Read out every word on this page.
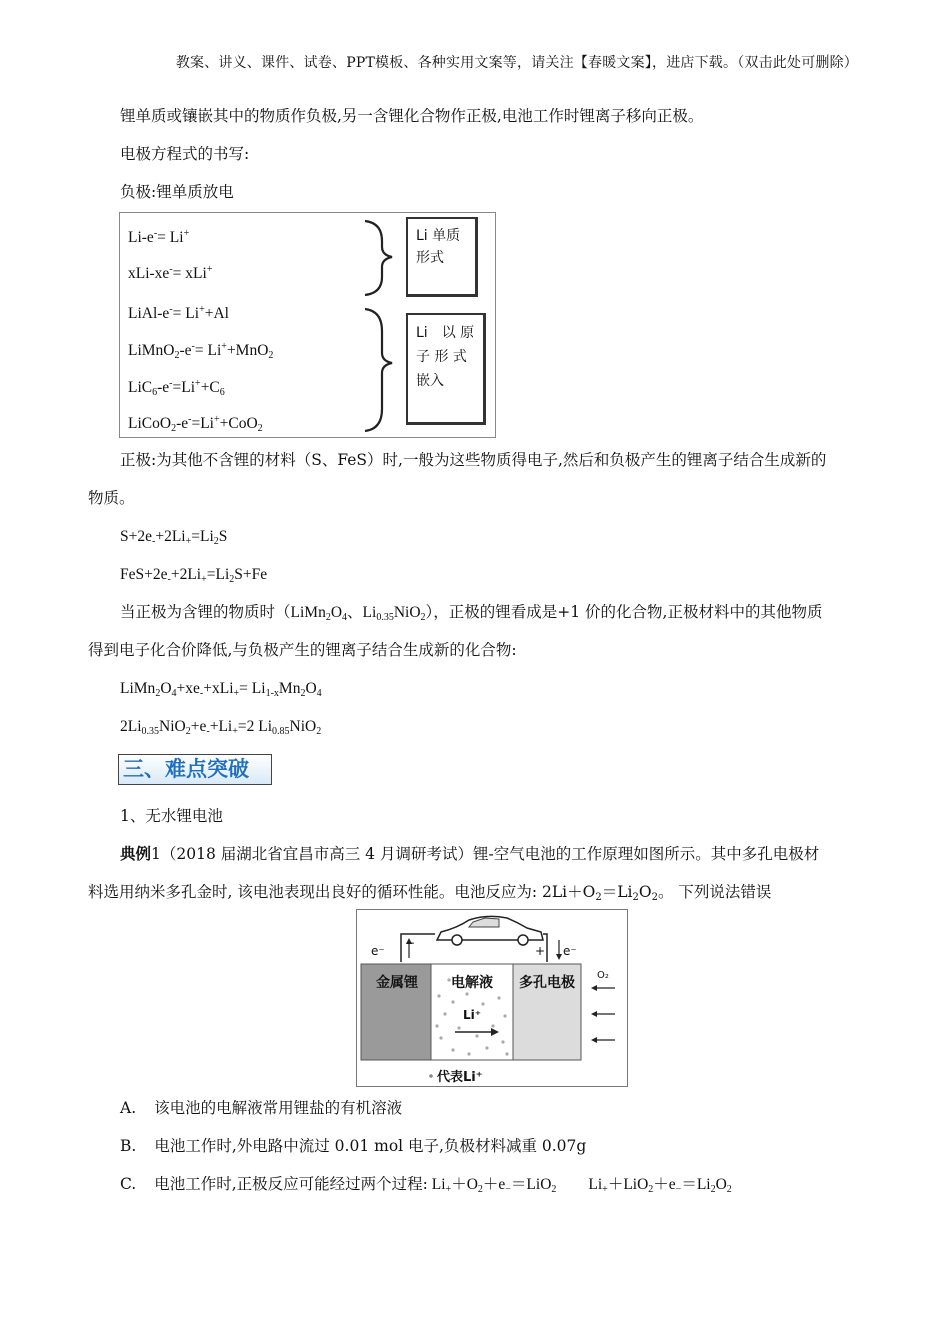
教案、讲义、课件、试卷、PPT模板、各种实用文案等，请关注【春暖文案】，进店下载。（双击此处可删除）
锂单质或镶嵌其中的物质作负极,另一含锂化合物作正极,电池工作时锂离子移向正极。
电极方程式的书写:
负极:锂单质放电
Li-e-= Li+
xLi-xe-= xLi+
LiAl-e-= Li++Al
LiMnO$_2$-e-= Li++MnO$_2$
$LiC_6-e^-=Li^++C_6$
LiCoO$_2$-e-=Li++CoO$_2$
Li 单质
形式
Li　以 原
子 形 式
嵌入
正极:为其他不含锂的材料（S、FeS）时,一般为这些物质得电子,然后和负极产生的锂离子结合生成新的
物质。
$S+2e_-+2Li_+=Li_2S$
$FeS+2e_-+2Li_+=Li_2S+Fe$
当正极为含锂的物质时（$LiMn_2O_4$、$Li_{0.35}NiO_2$），正极的锂看成是+1 价的化合物,正极材料中的其他物质
得到电子化合价降低,与负极产生的锂离子结合生成新的化合物:
$LiMn_2O_4+xe_-+xLi_+= Li_{1-x}Mn_2O_4$
$2Li_{0.35}NiO_2+e_-+Li_+=2$ $Li_{0.85}NiO_2$
三、难点突破
1、无水锂电池
典例1（2018 届湖北省宜昌市高三 4 月调研考试）锂-空气电池的工作原理如图所示。其中多孔电极材
料选用纳米多孔金时, 该电池表现出良好的循环性能。电池反应为: $2Li+O_2=Li_2O_2$。 下列说法错误
e⁻
−
+ e⁻
金属锂	电解液	多孔电极
Li⁺
O₂
代表Li⁺
A. 该电池的电解液常用锂盐的有机溶液
B. 电池工作时,外电路中流过 0.01 mol 电子,负极材料减重 0.07g
C. 电池工作时,正极反应可能经过两个过程: $Li_++O_2+e_-=LiO_2$ $Li_++LiO_2+e_-=Li_2O_2$
